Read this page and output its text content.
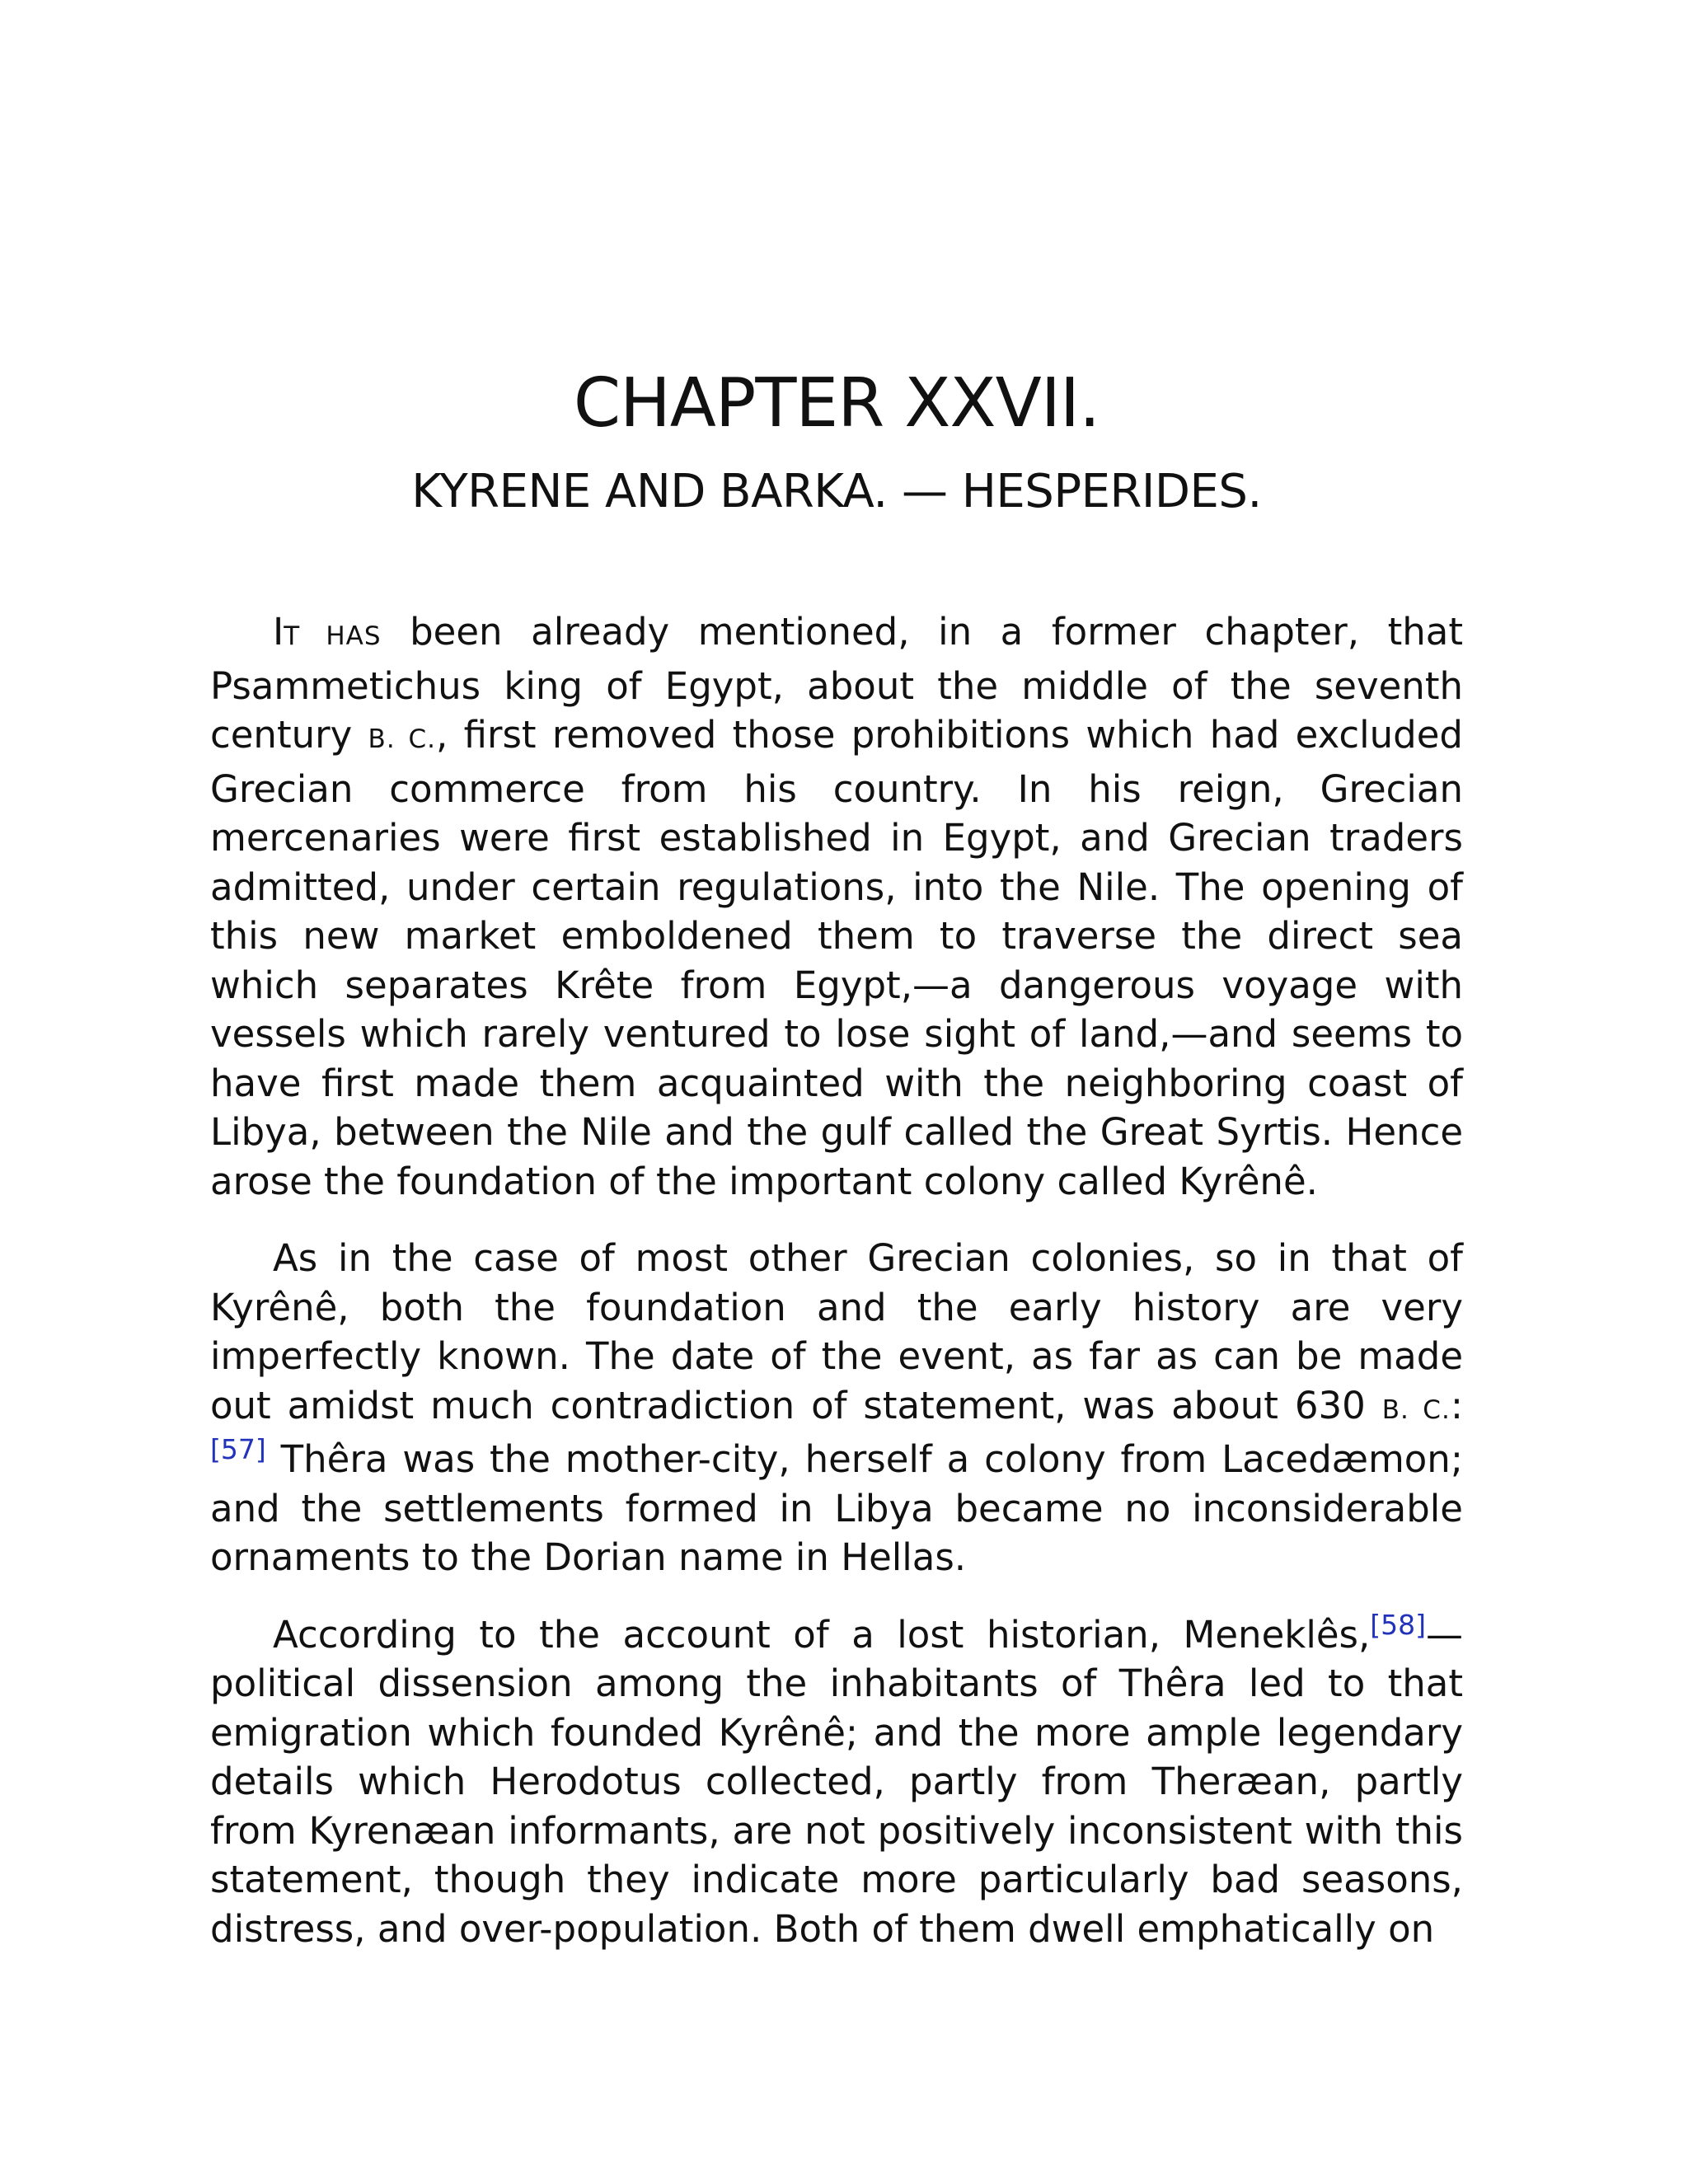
CHAPTER XXVII.
KYRENE AND BARKA. — HESPERIDES.

IT HAS been already mentioned, in a former chapter, that Psammetichus king of Egypt, about the middle of the seventh century B. C., first removed those prohibitions which had excluded Grecian commerce from his country. In his reign, Grecian mercenaries were first established in Egypt, and Grecian traders admitted, under certain regulations, into the Nile. The opening of this new market emboldened them to traverse the direct sea which separates Krête from Egypt,—a dangerous voyage with vessels which rarely ventured to lose sight of land,—and seems to have first made them acquainted with the neighboring coast of Libya, between the Nile and the gulf called the Great Syrtis. Hence arose the foundation of the important colony called Kyrênê.

As in the case of most other Grecian colonies, so in that of Kyrênê, both the foundation and the early history are very imperfectly known. The date of the event, as far as can be made out amidst much contradiction of statement, was about 630 B. C.:[57] Thêra was the mother-city, herself a colony from Lacedæmon; and the settlements formed in Libya became no inconsiderable ornaments to the Dorian name in Hellas.

According to the account of a lost historian, Meneklês,[58]— political dissension among the inhabitants of Thêra led to that emigration which founded Kyrênê; and the more ample legendary details which Herodotus collected, partly from Theræan, partly from Kyrenæan informants, are not positively inconsistent with this statement, though they indicate more particularly bad seasons, distress, and over-population. Both of them dwell emphatically on
